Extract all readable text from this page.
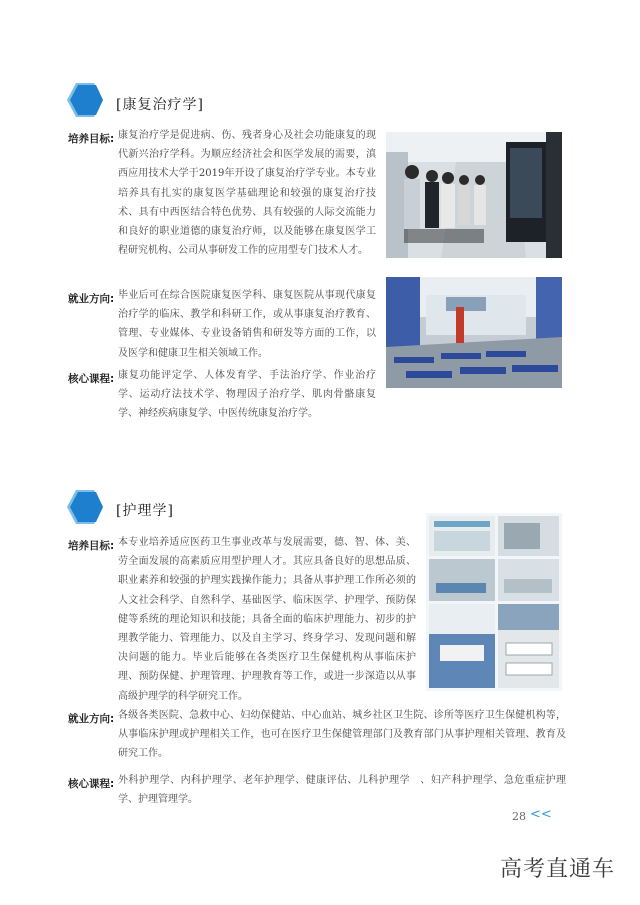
[康复治疗学]
培养目标: 康复治疗学是促进病、伤、残者身心及社会功能康复的现代新兴治疗学科。为顺应经济社会和医学发展的需要，滇西应用技术大学于2019年开设了康复治疗学专业。本专业培养具有扎实的康复医学基础理论和较强的康复治疗技术、具有中西医结合特色优势、具有较强的人际交流能力和良好的职业道德的康复治疗师，以及能够在康复医学工程研究机构、公司从事研发工作的应用型专门技术人才。

就业方向: 毕业后可在综合医院康复医学科、康复医院从事现代康复治疗学的临床、教学和科研工作，或从事康复治疗教育、管理、专业媒体、专业设备销售和研发等方面的工作，以及医学和健康卫生相关领域工作。

核心课程: 康复功能评定学、人体发育学、手法治疗学、作业治疗学、运动疗法技术学、物理因子治疗学、肌肉骨骼康复学、神经疾病康复学、中医传统康复治疗学。

[护理学]
培养目标: 本专业培养适应医药卫生事业改革与发展需要，德、智、体、美、劳全面发展的高素质应用型护理人才。其应具备良好的思想品质、职业素养和较强的护理实践操作能力；具备从事护理工作所必须的人文社会科学、自然科学、基础医学、临床医学、护理学、预防保健等系统的理论知识和技能；具备全面的临床护理能力、初步的护理教学能力、管理能力、以及自主学习、终身学习、发现问题和解决问题的能力。毕业后能够在各类医疗卫生保健机构从事临床护理、预防保健、护理管理、护理教育等工作，或进一步深造以从事高级护理学的科学研究工作。

就业方向: 各级各类医院、急救中心、妇幼保健站、中心血站、城乡社区卫生院、诊所等医疗卫生保健机构等，从事临床护理或护理相关工作，也可在医疗卫生保健管理部门及教育部门从事护理相关管理、教育及研究工作。

核心课程: 外科护理学、内科护理学、老年护理学、健康评估、儿科护理学　、妇产科护理学、急危重症护理学、护理管理学。

28 <<
高考直通车
